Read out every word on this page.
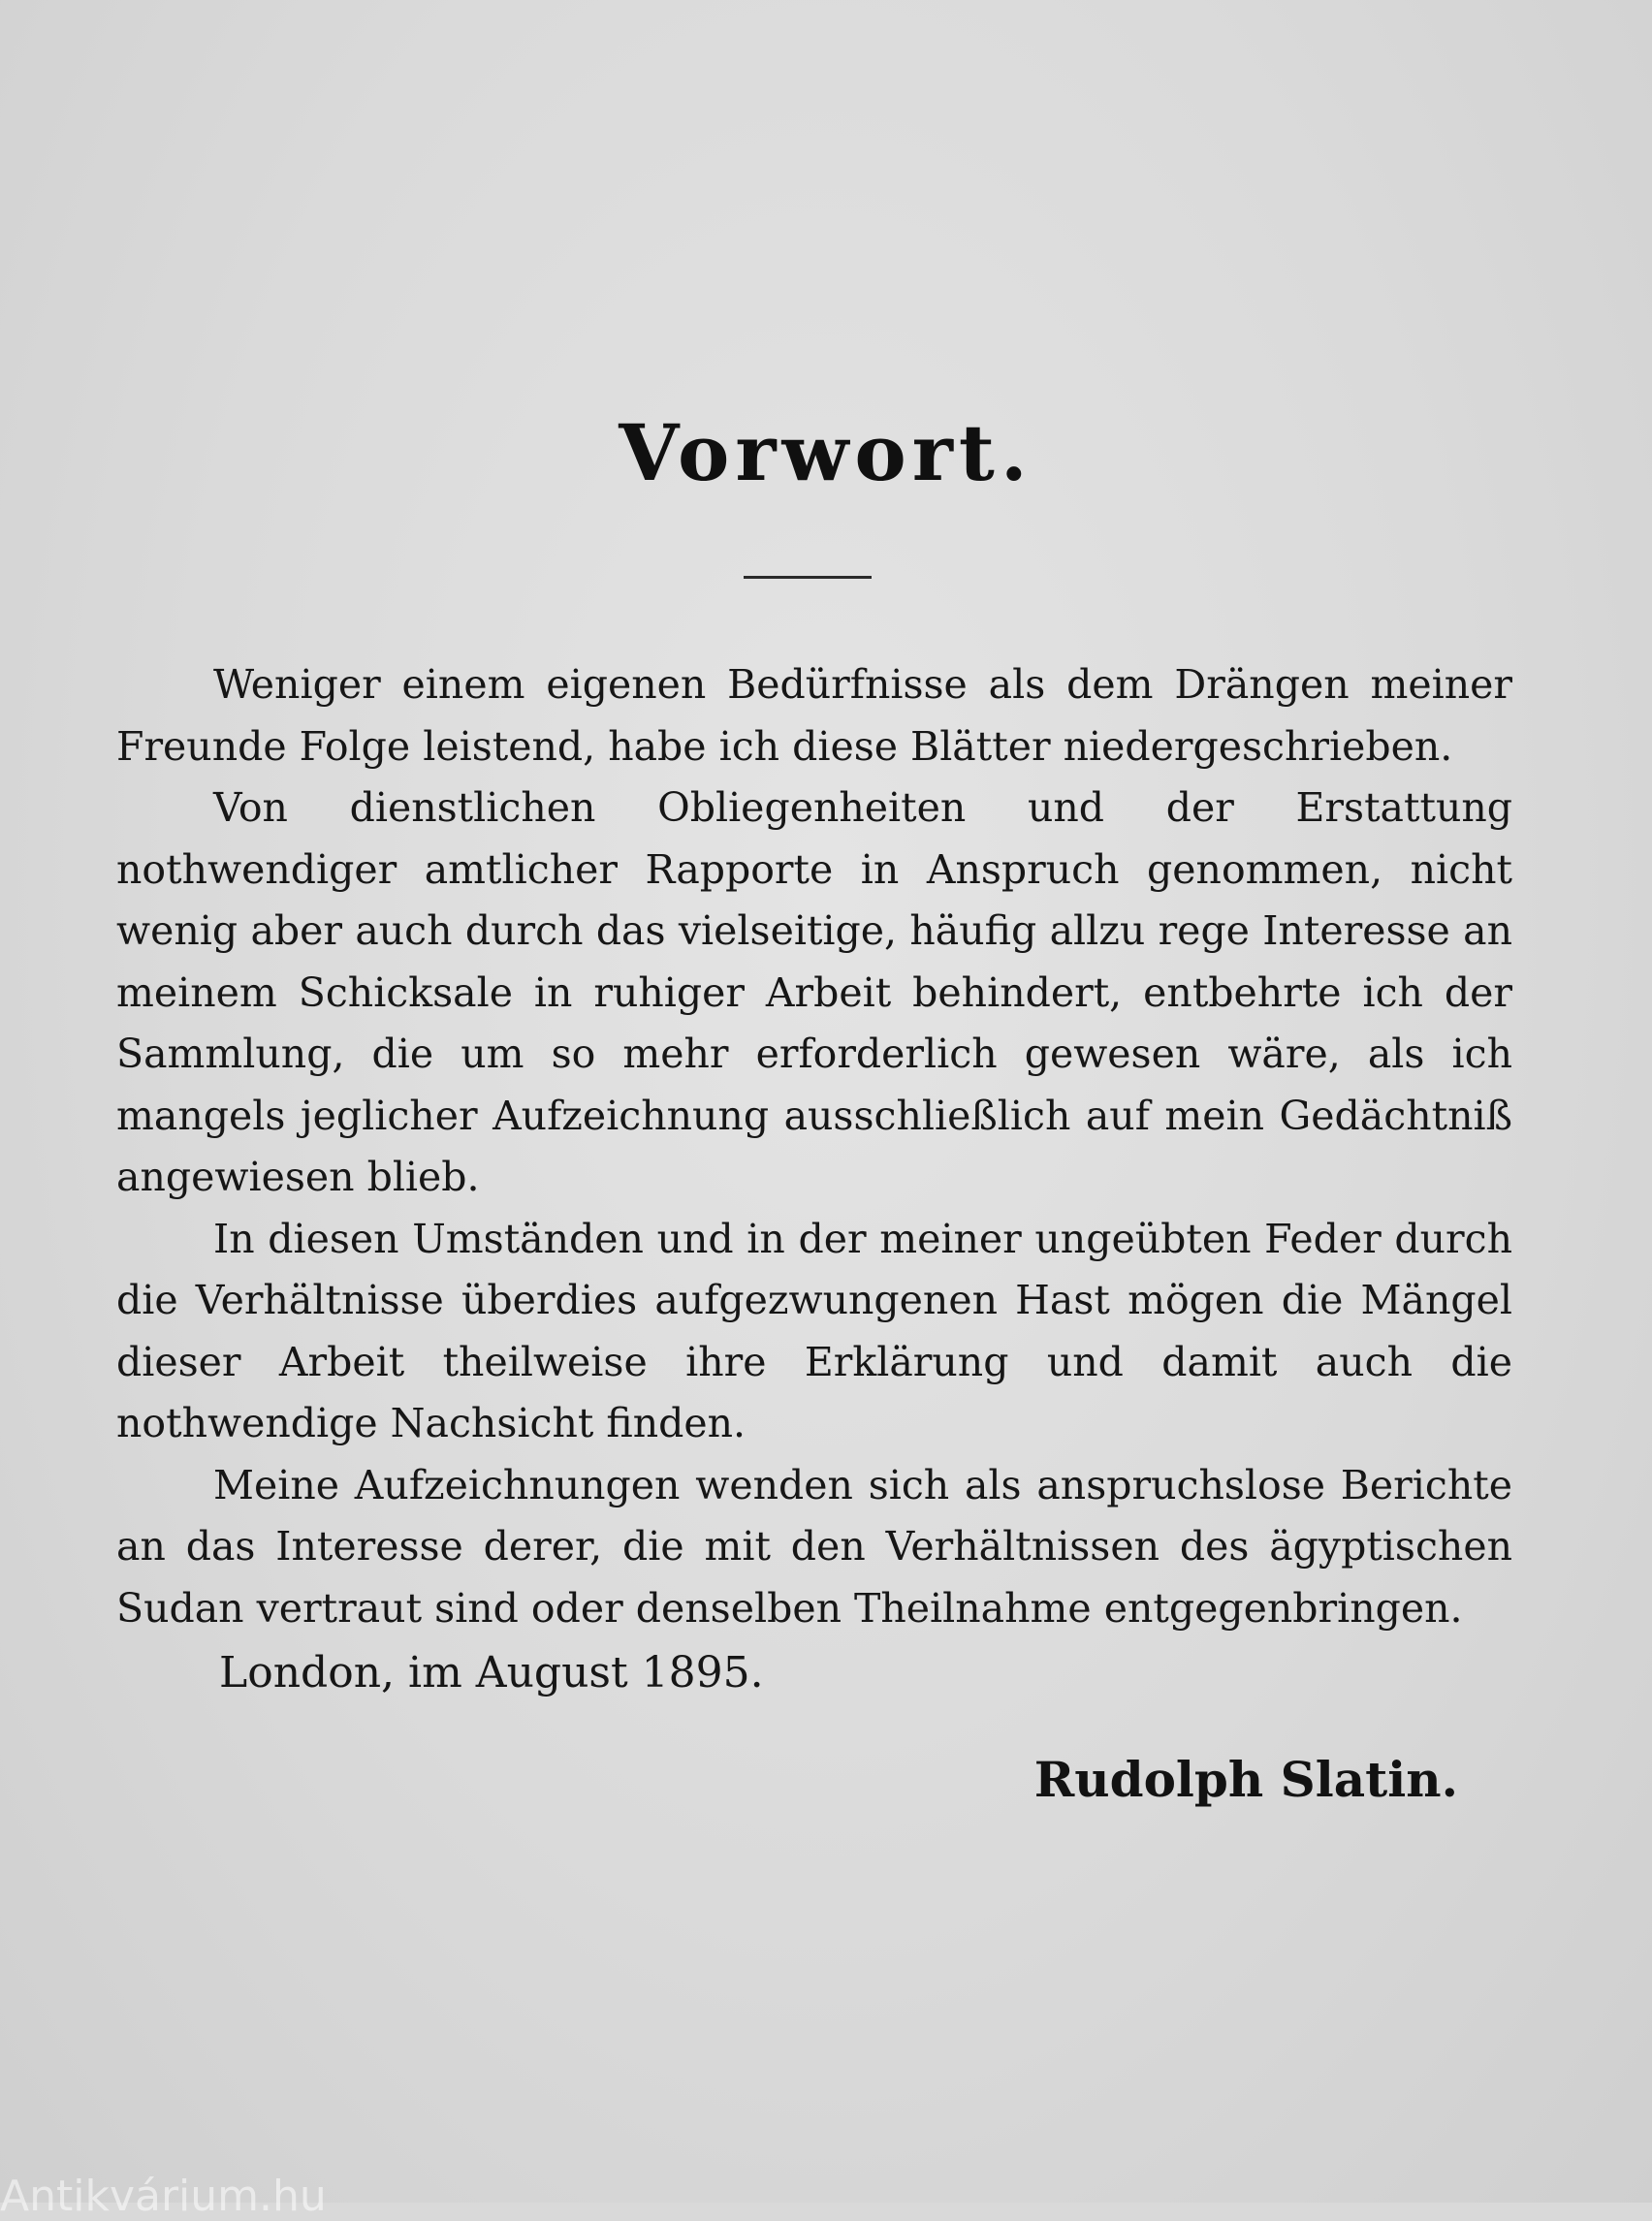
Vorwort.

Weniger einem eigenen Bedürfnisse als dem Drängen meiner Freunde Folge leistend, habe ich diese Blätter niedergeschrieben.

Von dienstlichen Obliegenheiten und der Erstattung nothwendiger amtlicher Rapporte in Anspruch genommen, nicht wenig aber auch durch das vielseitige, häufig allzu rege Interesse an meinem Schicksale in ruhiger Arbeit behindert, entbehrte ich der Sammlung, die um so mehr erforderlich gewesen wäre, als ich mangels jeglicher Aufzeichnung ausschließlich auf mein Gedächtniß angewiesen blieb.

In diesen Umständen und in der meiner ungeübten Feder durch die Verhältnisse überdies aufgezwungenen Hast mögen die Mängel dieser Arbeit theilweise ihre Erklärung und damit auch die nothwendige Nachsicht finden.

Meine Aufzeichnungen wenden sich als anspruchslose Berichte an das Interesse derer, die mit den Verhältnissen des ägyptischen Sudan vertraut sind oder denselben Theilnahme entgegenbringen.

London, im August 1895.
Rudolph Slatin.
Antikvárium.hu
